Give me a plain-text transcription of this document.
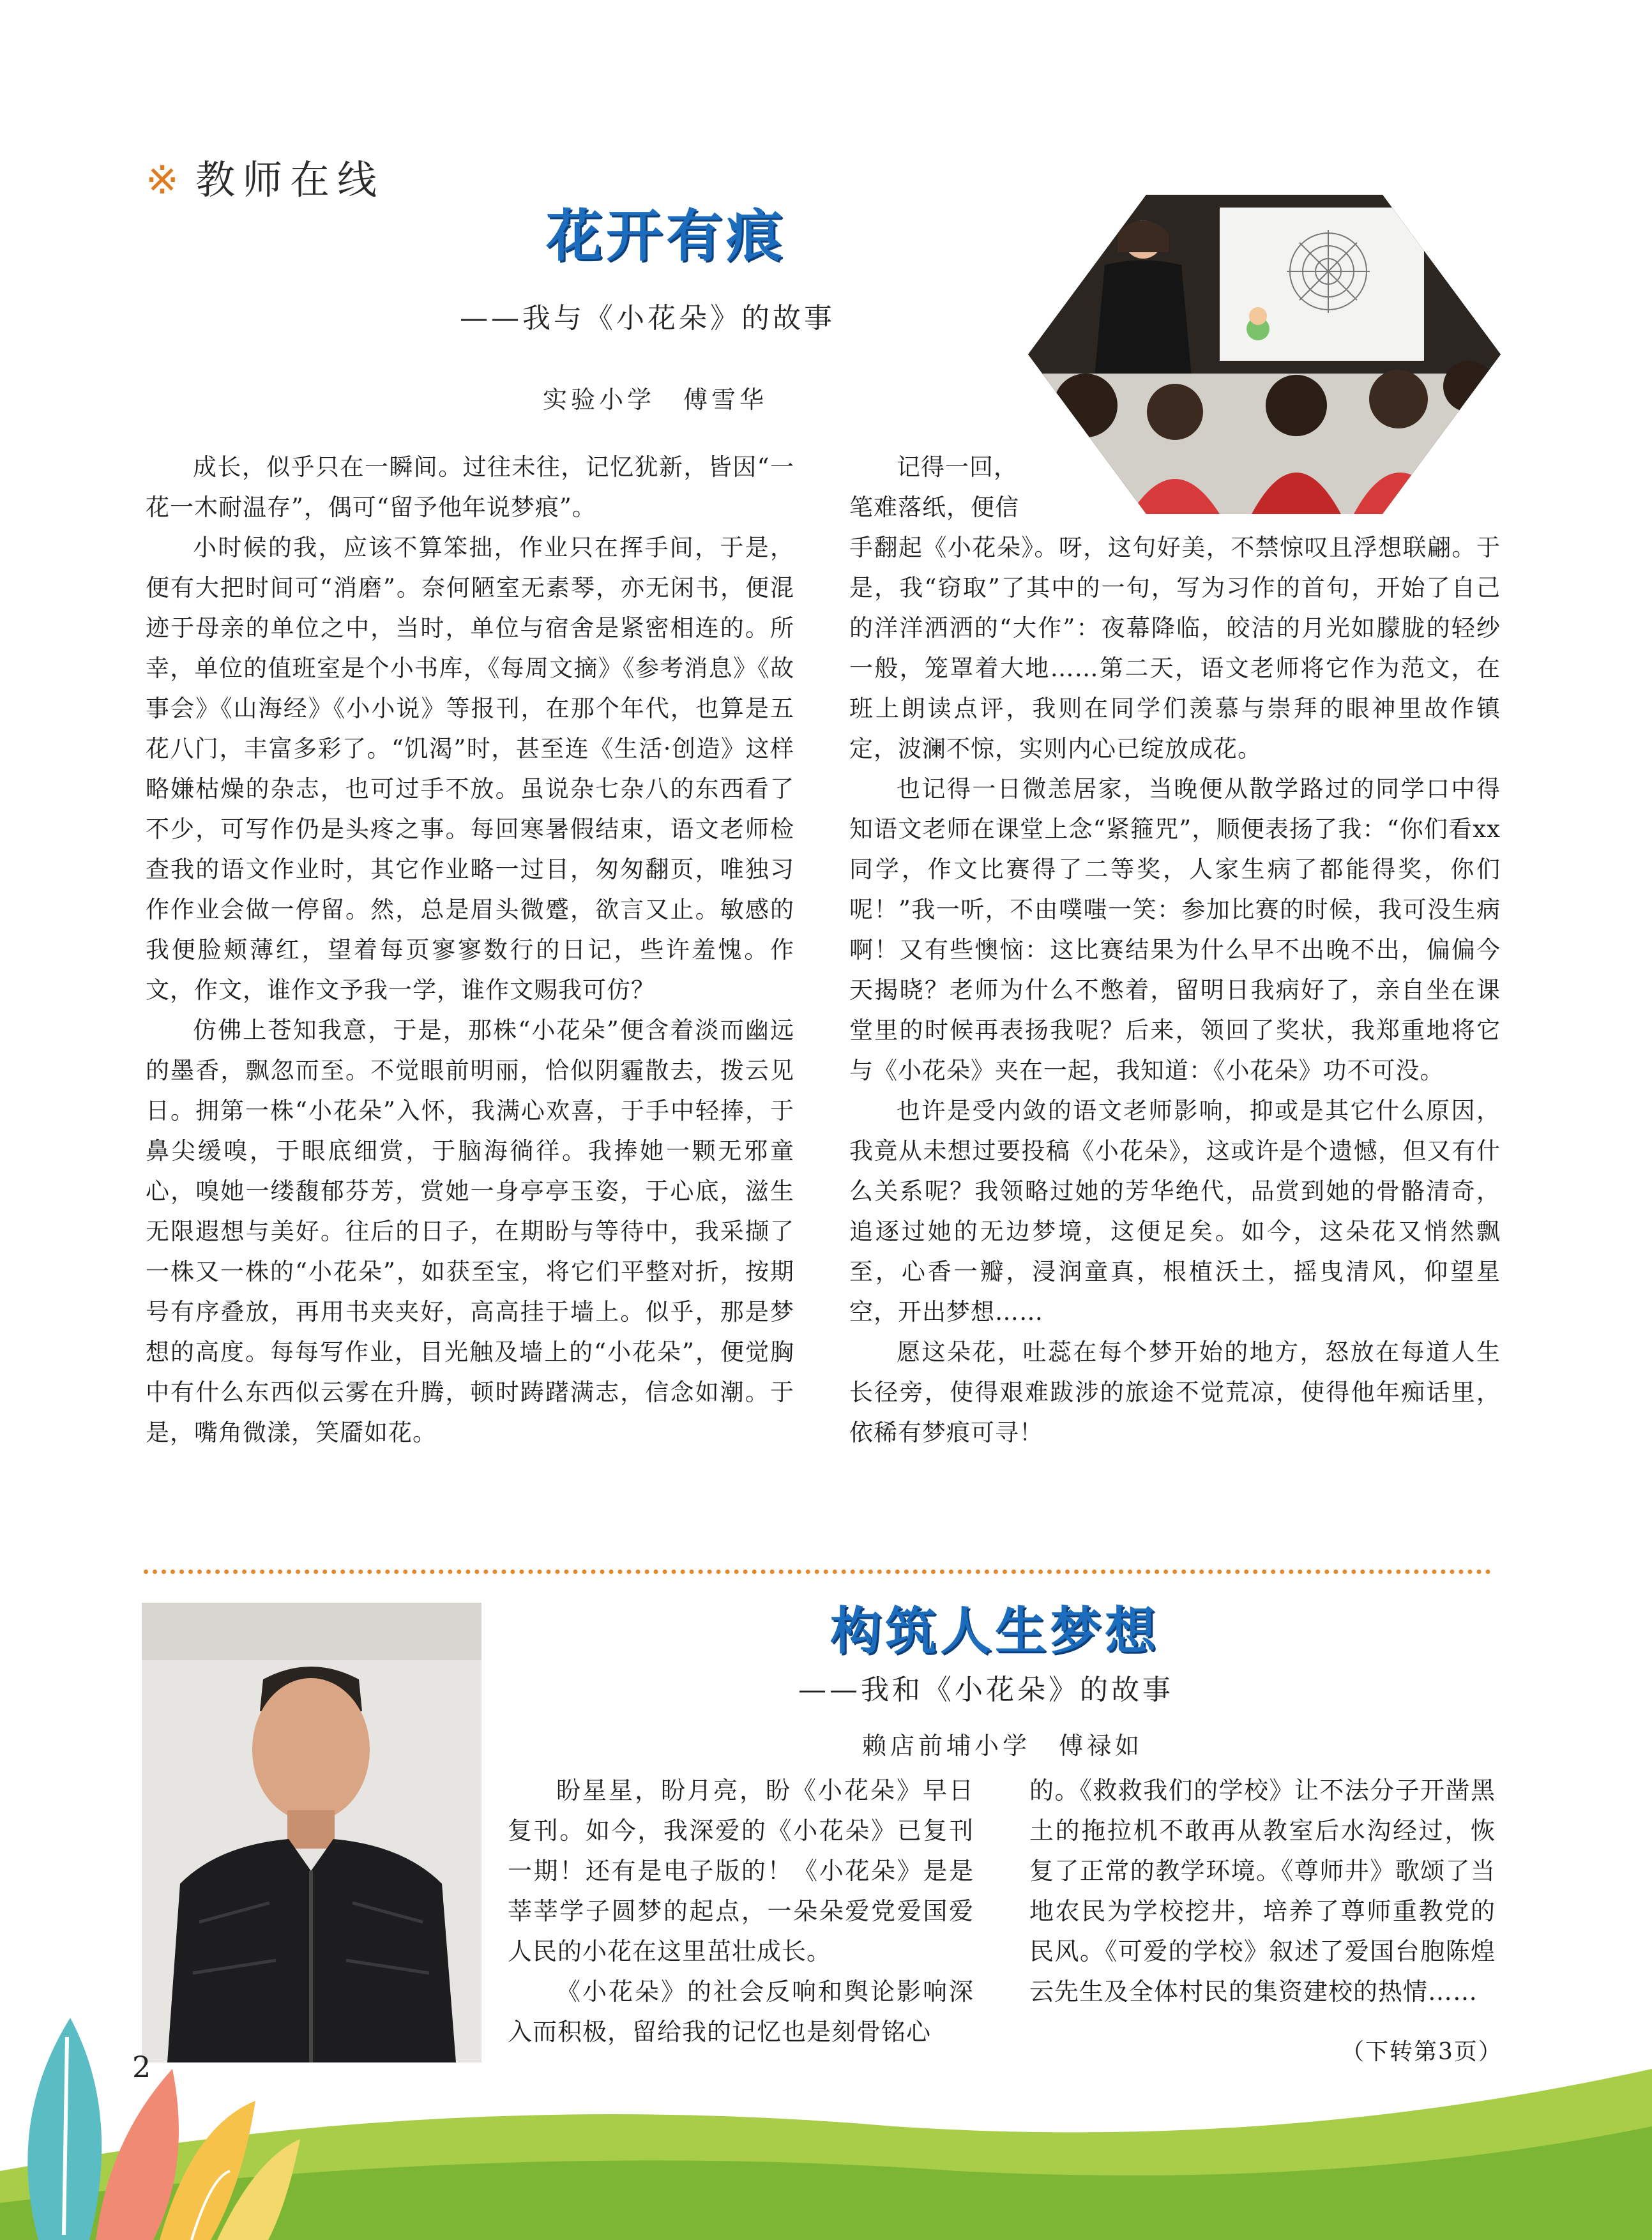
※ 教师在线
花开有痕
——我与《小花朵》的故事
实验小学　傅雪华

成长，似乎只在一瞬间。过往未往，记忆犹新，皆因“一花一木耐温存”，偶可“留予他年说梦痕”。

小时候的我，应该不算笨拙，作业只在挥手间，于是，便有大把时间可“消磨”。奈何陋室无素琴，亦无闲书，便混迹于母亲的单位之中，当时，单位与宿舍是紧密相连的。所幸，单位的值班室是个小书库，《每周文摘》《参考消息》《故事会》《山海经》《小小说》等报刊，在那个年代，也算是五花八门，丰富多彩了。“饥渴”时，甚至连《生活·创造》这样略嫌枯燥的杂志，也可过手不放。虽说杂七杂八的东西看了不少，可写作仍是头疼之事。每回寒暑假结束，语文老师检查我的语文作业时，其它作业略一过目，匆匆翻页，唯独习作作业会做一停留。然，总是眉头微蹙，欲言又止。敏感的我便脸颊薄红，望着每页寥寥数行的日记，些许羞愧。作文，作文，谁作文予我一学，谁作文赐我可仿？

仿佛上苍知我意，于是，那株“小花朵”便含着淡而幽远的墨香，飘忽而至。不觉眼前明丽，恰似阴霾散去，拨云见日。拥第一株“小花朵”入怀，我满心欢喜，于手中轻捧，于鼻尖缓嗅，于眼底细赏，于脑海徜徉。我捧她一颗无邪童心，嗅她一缕馥郁芬芳，赏她一身亭亭玉姿，于心底，滋生无限遐想与美好。往后的日子，在期盼与等待中，我采撷了一株又一株的“小花朵”，如获至宝，将它们平整对折，按期号有序叠放，再用书夹夹好，高高挂于墙上。似乎，那是梦想的高度。每每写作业，目光触及墙上的“小花朵”，便觉胸中有什么东西似云雾在升腾，顿时踌躇满志，信念如潮。于是，嘴角微漾，笑靥如花。

记得一回，
笔难落纸，便信

手翻起《小花朵》。呀，这句好美，不禁惊叹且浮想联翩。于是，我“窃取”了其中的一句，写为习作的首句，开始了自己的洋洋洒洒的“大作”：夜幕降临，皎洁的月光如朦胧的轻纱一般，笼罩着大地……第二天，语文老师将它作为范文，在班上朗读点评，我则在同学们羡慕与崇拜的眼神里故作镇定，波澜不惊，实则内心已绽放成花。

也记得一日微恙居家，当晚便从散学路过的同学口中得知语文老师在课堂上念“紧箍咒”，顺便表扬了我：“你们看xx同学，作文比赛得了二等奖，人家生病了都能得奖，你们呢！”我一听，不由噗嗤一笑：参加比赛的时候，我可没生病啊！又有些懊恼：这比赛结果为什么早不出晚不出，偏偏今天揭晓？老师为什么不憋着，留明日我病好了，亲自坐在课堂里的时候再表扬我呢？后来，领回了奖状，我郑重地将它与《小花朵》夹在一起，我知道：《小花朵》功不可没。

也许是受内敛的语文老师影响，抑或是其它什么原因，我竟从未想过要投稿《小花朵》，这或许是个遗憾，但又有什么关系呢？我领略过她的芳华绝代，品赏到她的骨骼清奇，追逐过她的无边梦境，这便足矣。如今，这朵花又悄然飘至，心香一瓣，浸润童真，根植沃土，摇曳清风，仰望星空，开出梦想……

愿这朵花，吐蕊在每个梦开始的地方，怒放在每道人生长径旁，使得艰难跋涉的旅途不觉荒凉，使得他年痴话里，依稀有梦痕可寻！

构筑人生梦想
——我和《小花朵》的故事
赖店前埔小学　傅禄如

盼星星，盼月亮，盼《小花朵》早日复刊。如今，我深爱的《小花朵》已复刊一期！还有是电子版的！《小花朵》是是莘莘学子圆梦的起点，一朵朵爱党爱国爱人民的小花在这里茁壮成长。

《小花朵》的社会反响和舆论影响深入而积极，留给我的记忆也是刻骨铭心

的。《救救我们的学校》让不法分子开凿黑土的拖拉机不敢再从教室后水沟经过，恢复了正常的教学环境。《尊师井》歌颂了当地农民为学校挖井，培养了尊师重教党的民风。《可爱的学校》叙述了爱国台胞陈煌云先生及全体村民的集资建校的热情……

（下转第3页）
2
